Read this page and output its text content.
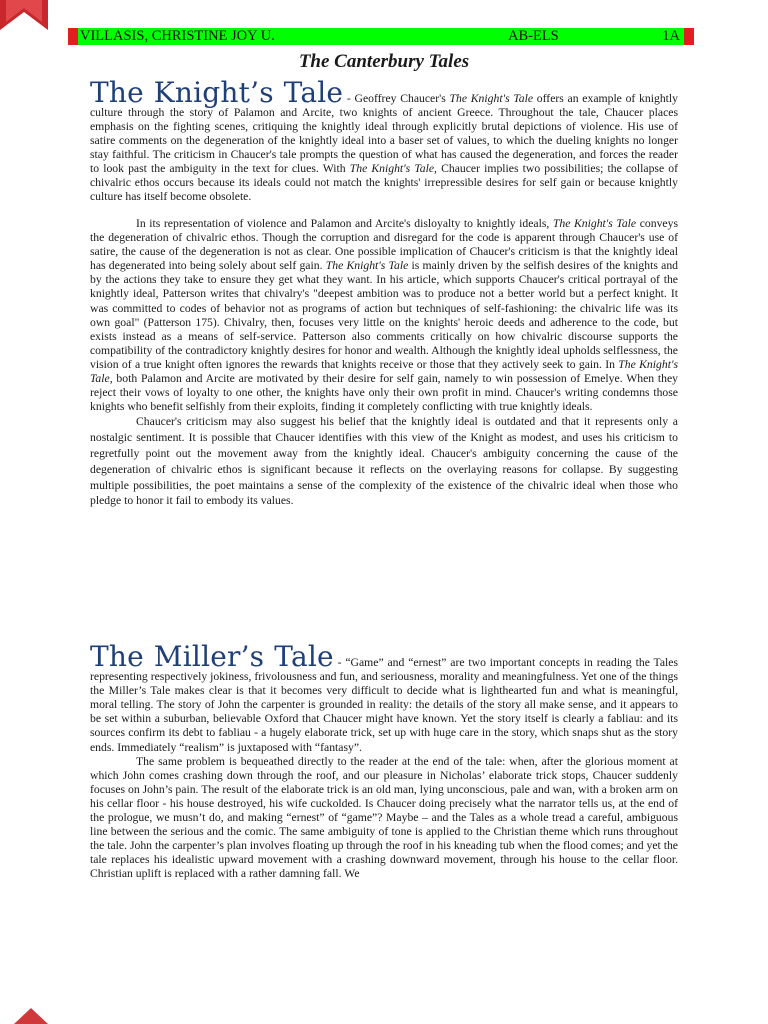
VILLASIS, CHRISTINE JOY U.	AB-ELS	1A
The Canterbury Tales

The Knight’s Tale - Geoffrey Chaucer's The Knight's Tale offers an example of knightly culture through the story of Palamon and Arcite, two knights of ancient Greece. Throughout the tale, Chaucer places emphasis on the fighting scenes, critiquing the knightly ideal through explicitly brutal depictions of violence. His use of satire comments on the degeneration of the knightly ideal into a baser set of values, to which the dueling knights no longer stay faithful. The criticism in Chaucer's tale prompts the question of what has caused the degeneration, and forces the reader to look past the ambiguity in the text for clues. With The Knight's Tale, Chaucer implies two possibilities; the collapse of chivalric ethos occurs because its ideals could not match the knights' irrepressible desires for self gain or because knightly culture has itself become obsolete.

In its representation of violence and Palamon and Arcite's disloyalty to knightly ideals, The Knight's Tale conveys the degeneration of chivalric ethos. Though the corruption and disregard for the code is apparent through Chaucer's use of satire, the cause of the degeneration is not as clear. One possible implication of Chaucer's criticism is that the knightly ideal has degenerated into being solely about self gain. The Knight's Tale is mainly driven by the selfish desires of the knights and by the actions they take to ensure they get what they want. In his article, which supports Chaucer's critical portrayal of the knightly ideal, Patterson writes that chivalry's "deepest ambition was to produce not a better world but a perfect knight. It was committed to codes of behavior not as programs of action but techniques of self-fashioning: the chivalric life was its own goal" (Patterson 175). Chivalry, then, focuses very little on the knights' heroic deeds and adherence to the code, but exists instead as a means of self-service. Patterson also comments critically on how chivalric discourse supports the compatibility of the contradictory knightly desires for honor and wealth. Although the knightly ideal upholds selflessness, the vision of a true knight often ignores the rewards that knights receive or those that they actively seek to gain. In The Knight's Tale, both Palamon and Arcite are motivated by their desire for self gain, namely to win possession of Emelye. When they reject their vows of loyalty to one other, the knights have only their own profit in mind. Chaucer's writing condemns those knights who benefit selfishly from their exploits, finding it completely conflicting with true knightly ideals.

Chaucer's criticism may also suggest his belief that the knightly ideal is outdated and that it represents only a nostalgic sentiment. It is possible that Chaucer identifies with this view of the Knight as modest, and uses his criticism to regretfully point out the movement away from the knightly ideal. Chaucer's ambiguity concerning the cause of the degeneration of chivalric ethos is significant because it reflects on the overlaying reasons for collapse. By suggesting multiple possibilities, the poet maintains a sense of the complexity of the existence of the chivalric ideal when those who pledge to honor it fail to embody its values.

The Miller’s Tale - “Game” and “ernest” are two important concepts in reading the Tales representing respectively jokiness, frivolousness and fun, and seriousness, morality and meaningfulness. Yet one of the things the Miller’s Tale makes clear is that it becomes very difficult to decide what is lighthearted fun and what is meaningful, moral telling. The story of John the carpenter is grounded in reality: the details of the story all make sense, and it appears to be set within a suburban, believable Oxford that Chaucer might have known. Yet the story itself is clearly a fabliau: and its sources confirm its debt to fabliau - a hugely elaborate trick, set up with huge care in the story, which snaps shut as the story ends. Immediately “realism” is juxtaposed with “fantasy”.

The same problem is bequeathed directly to the reader at the end of the tale: when, after the glorious moment at which John comes crashing down through the roof, and our pleasure in Nicholas’ elaborate trick stops, Chaucer suddenly focuses on John’s pain. The result of the elaborate trick is an old man, lying unconscious, pale and wan, with a broken arm on his cellar floor - his house destroyed, his wife cuckolded. Is Chaucer doing precisely what the narrator tells us, at the end of the prologue, we musn’t do, and making “ernest” of “game”? Maybe – and the Tales as a whole tread a careful, ambiguous line between the serious and the comic. The same ambiguity of tone is applied to the Christian theme which runs throughout the tale. John the carpenter’s plan involves floating up through the roof in his kneading tub when the flood comes; and yet the tale replaces his idealistic upward movement with a crashing downward movement, through his house to the cellar floor. Christian uplift is replaced with a rather damning fall. We
